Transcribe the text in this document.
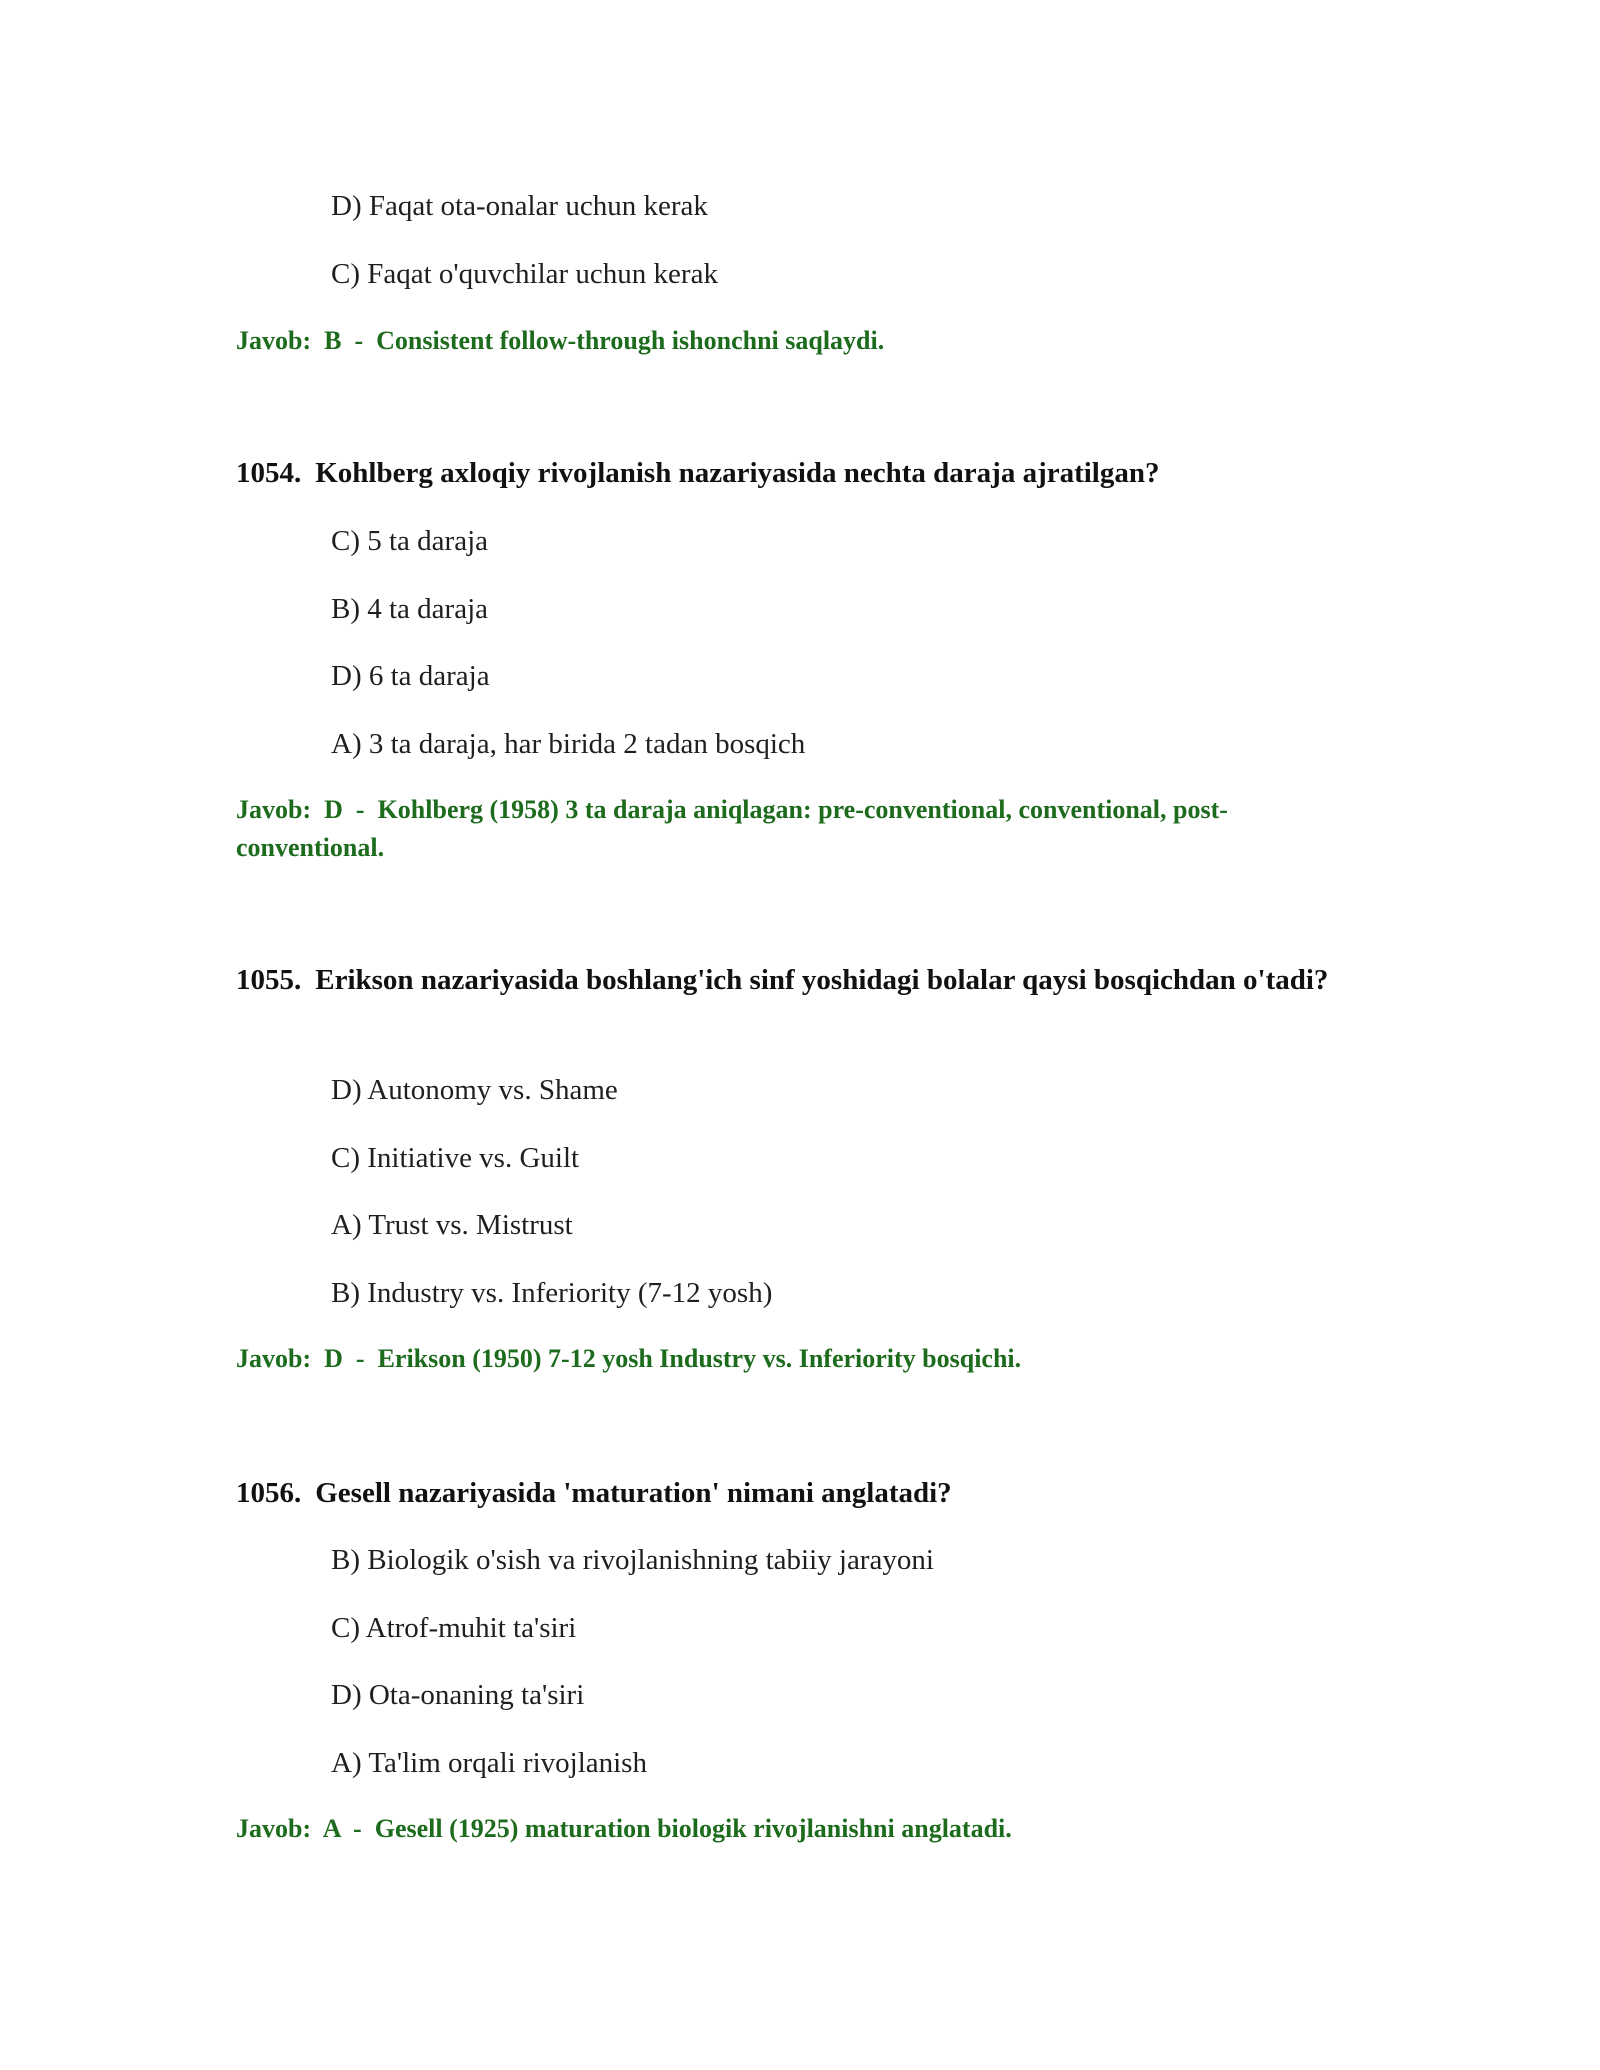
D) Faqat ota-onalar uchun kerak
C) Faqat o'quvchilar uchun kerak
Javob: B - Consistent follow-through ishonchni saqlaydi.
1054. Kohlberg axloqiy rivojlanish nazariyasida nechta daraja ajratilgan?
C) 5 ta daraja
B) 4 ta daraja
D) 6 ta daraja
A) 3 ta daraja, har birida 2 tadan bosqich
Javob: D - Kohlberg (1958) 3 ta daraja aniqlagan: pre-conventional, conventional, post-conventional.
1055. Erikson nazariyasida boshlang'ich sinf yoshidagi bolalar qaysi bosqichdan o'tadi?
D) Autonomy vs. Shame
C) Initiative vs. Guilt
A) Trust vs. Mistrust
B) Industry vs. Inferiority (7-12 yosh)
Javob: D - Erikson (1950) 7-12 yosh Industry vs. Inferiority bosqichi.
1056. Gesell nazariyasida 'maturation' nimani anglatadi?
B) Biologik o'sish va rivojlanishning tabiiy jarayoni
C) Atrof-muhit ta'siri
D) Ota-onaning ta'siri
A) Ta'lim orqali rivojlanish
Javob: A - Gesell (1925) maturation biologik rivojlanishni anglatadi.
